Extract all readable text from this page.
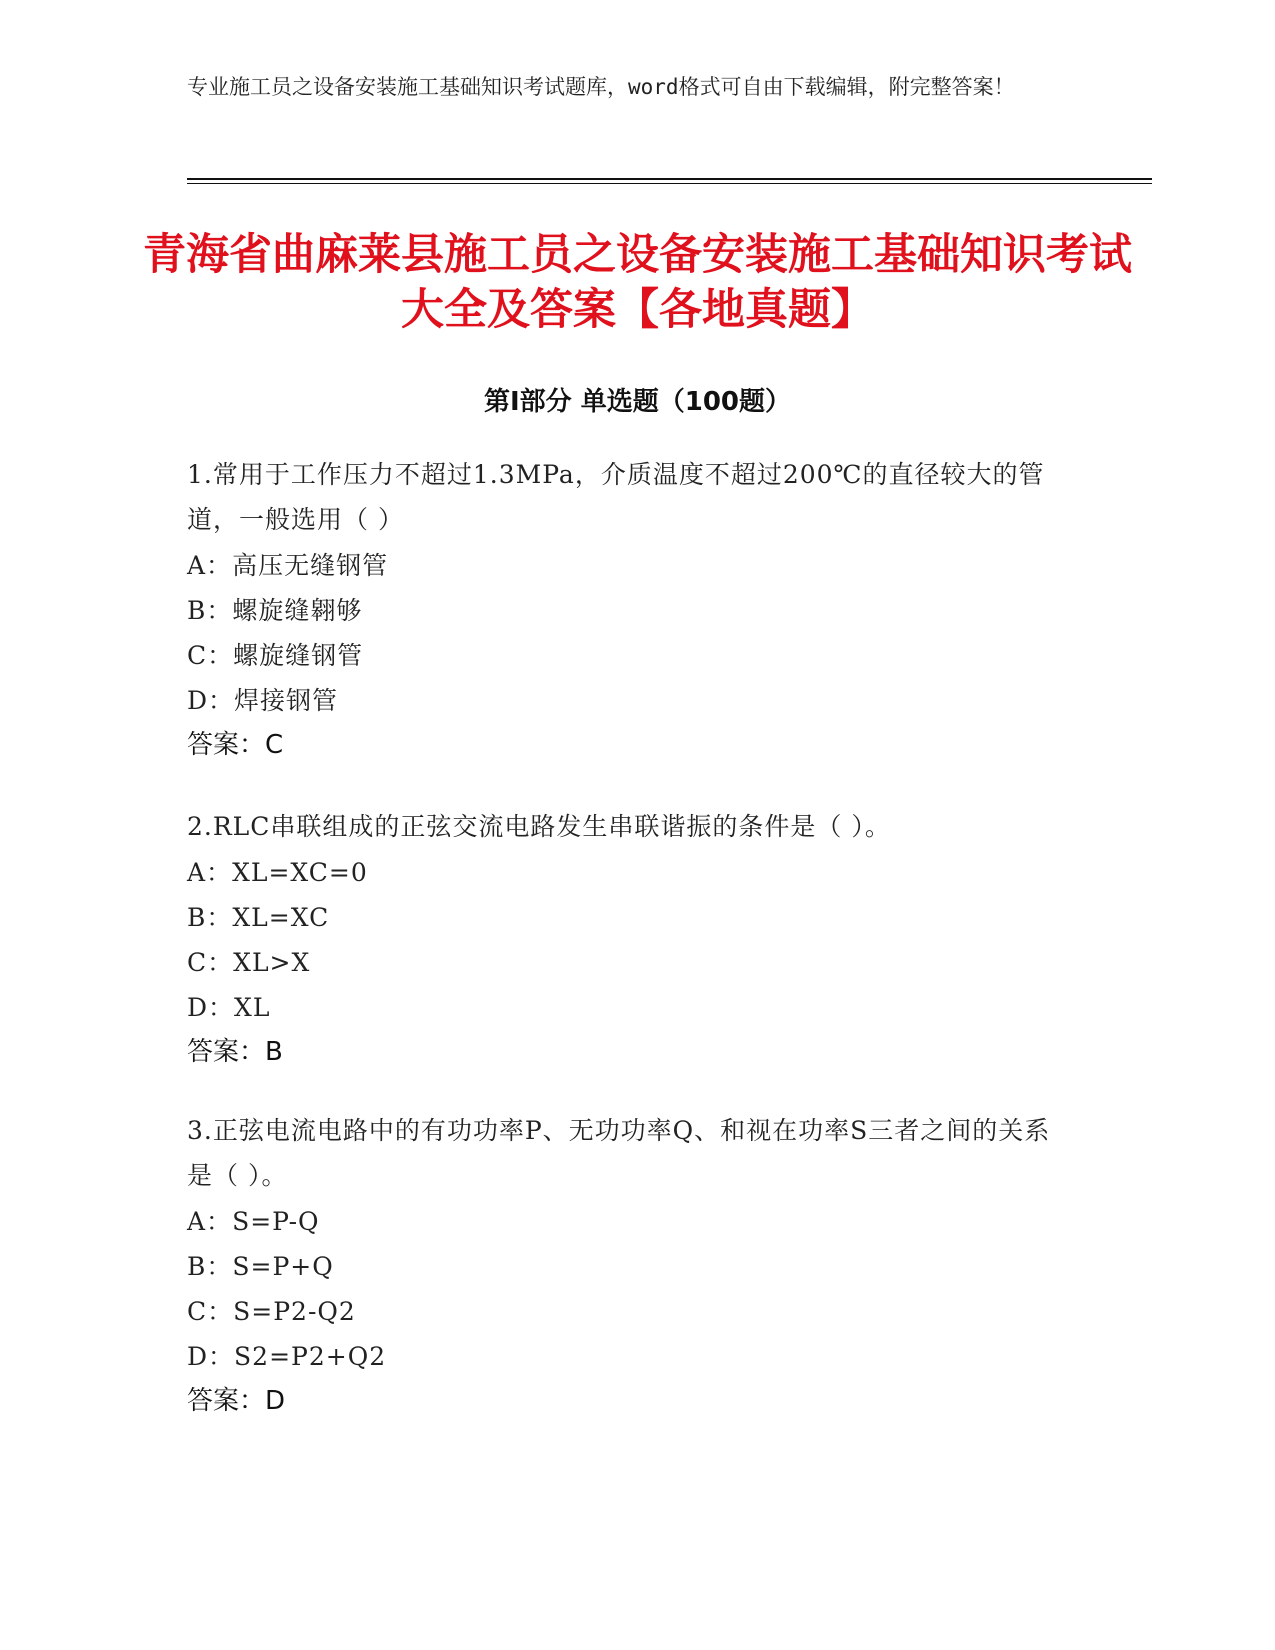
专业施工员之设备安装施工基础知识考试题库，word格式可自由下载编辑，附完整答案！

青海省曲麻莱县施工员之设备安装施工基础知识考试大全及答案【各地真题】
第Ⅰ部分 单选题（100题）

1.常用于工作压力不超过1.3MPa，介质温度不超过200℃的直径较大的管道，一般选用（ ）

A：高压无缝钢管

B：螺旋缝翱够

C：螺旋缝钢管

D：焊接钢管

答案：C

2.RLC串联组成的正弦交流电路发生串联谐振的条件是（ ）。

A：XL=XC=0

B：XL=XC

C：XL>X

D：XL

答案：B

3.正弦电流电路中的有功功率P、无功功率Q、和视在功率S三者之间的关系是（ ）。

A：S=P-Q

B：S=P+Q

C：S=P2-Q2

D：S2=P2+Q2

答案：D
